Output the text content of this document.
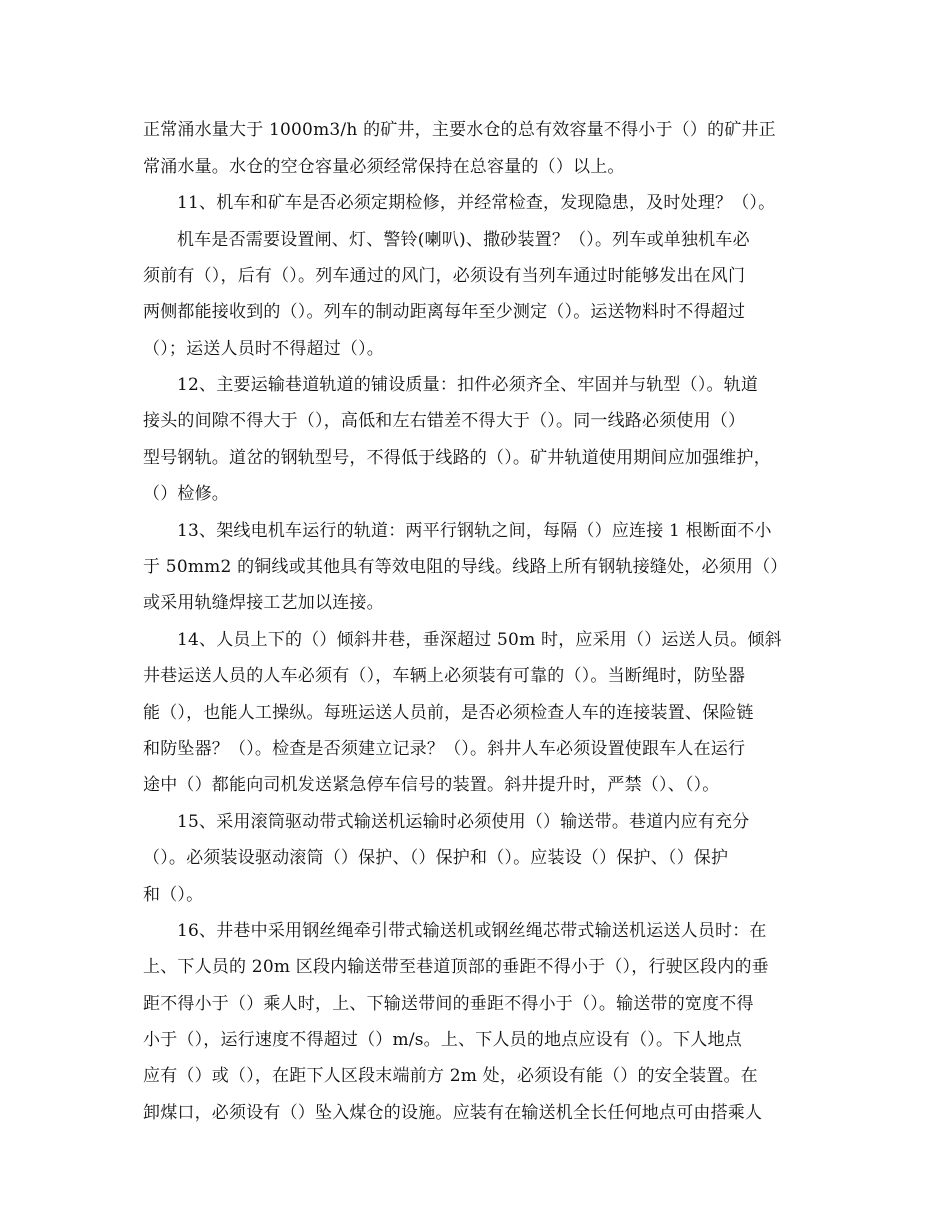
正常涌水量大于 1000m3/h 的矿井，主要水仓的总有效容量不得小于（）的矿井正
常涌水量。水仓的空仓容量必须经常保持在总容量的（）以上。
11、机车和矿车是否必须定期检修，并经常检查，发现隐患，及时处理？（）。
机车是否需要设置闸、灯、警铃(喇叭)、撒砂装置？（）。列车或单独机车必
须前有（），后有（）。列车通过的风门，必须设有当列车通过时能够发出在风门
两侧都能接收到的（）。列车的制动距离每年至少测定（）。运送物料时不得超过
（）；运送人员时不得超过（）。
12、主要运输巷道轨道的铺设质量：扣件必须齐全、牢固并与轨型（）。轨道
接头的间隙不得大于（），高低和左右错差不得大于（）。同一线路必须使用（）
型号钢轨。道岔的钢轨型号，不得低于线路的（）。矿井轨道使用期间应加强维护，
（）检修。
13、架线电机车运行的轨道：两平行钢轨之间，每隔（）应连接 1 根断面不小
于 50mm2 的铜线或其他具有等效电阻的导线。线路上所有钢轨接缝处，必须用（）
或采用轨缝焊接工艺加以连接。
14、人员上下的（）倾斜井巷，垂深超过 50m 时，应采用（）运送人员。倾斜
井巷运送人员的人车必须有（），车辆上必须装有可靠的（）。当断绳时，防坠器
能（），也能人工操纵。每班运送人员前，是否必须检查人车的连接装置、保险链
和防坠器？（）。检查是否须建立记录？（）。斜井人车必须设置使跟车人在运行
途中（）都能向司机发送紧急停车信号的装置。斜井提升时，严禁（）、（）。
15、采用滚筒驱动带式输送机运输时必须使用（）输送带。巷道内应有充分
（）。必须装设驱动滚筒（）保护、（）保护和（）。应装设（）保护、（）保护
和（）。
16、井巷中采用钢丝绳牵引带式输送机或钢丝绳芯带式输送机运送人员时：在
上、下人员的 20m 区段内输送带至巷道顶部的垂距不得小于（），行驶区段内的垂
距不得小于（）乘人时，上、下输送带间的垂距不得小于（）。输送带的宽度不得
小于（），运行速度不得超过（）m/s。上、下人员的地点应设有（）。下人地点
应有（）或（），在距下人区段末端前方 2m 处，必须设有能（）的安全装置。在
卸煤口，必须设有（）坠入煤仓的设施。应装有在输送机全长任何地点可由搭乘人
